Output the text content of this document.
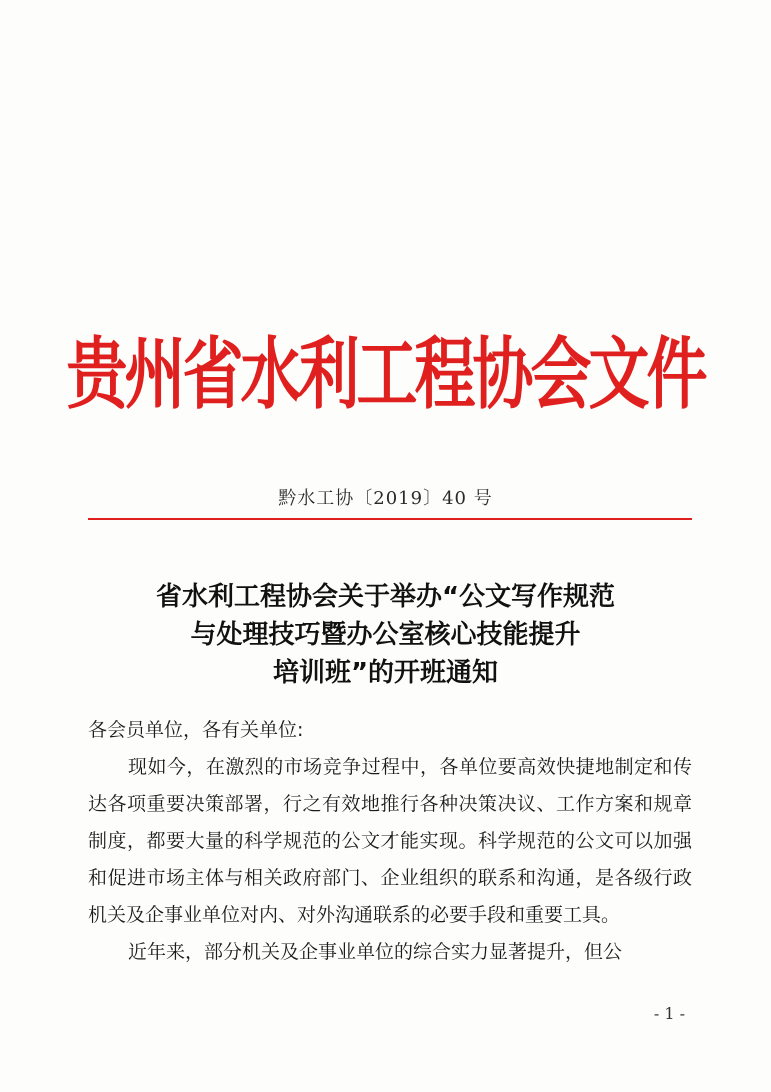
贵州省水利工程协会文件
黔水工协〔2019〕40 号
省水利工程协会关于举办“公文写作规范
与处理技巧暨办公室核心技能提升
培训班”的开班通知
各会员单位，各有关单位:
现如今，在激烈的市场竞争过程中，各单位要高效快捷地制定和传达各项重要决策部署，行之有效地推行各种决策决议、工作方案和规章制度，都要大量的科学规范的公文才能实现。科学规范的公文可以加强和促进市场主体与相关政府部门、企业组织的联系和沟通，是各级行政机关及企事业单位对内、对外沟通联系的必要手段和重要工具。
近年来，部分机关及企事业单位的综合实力显著提升，但公
- 1 -
